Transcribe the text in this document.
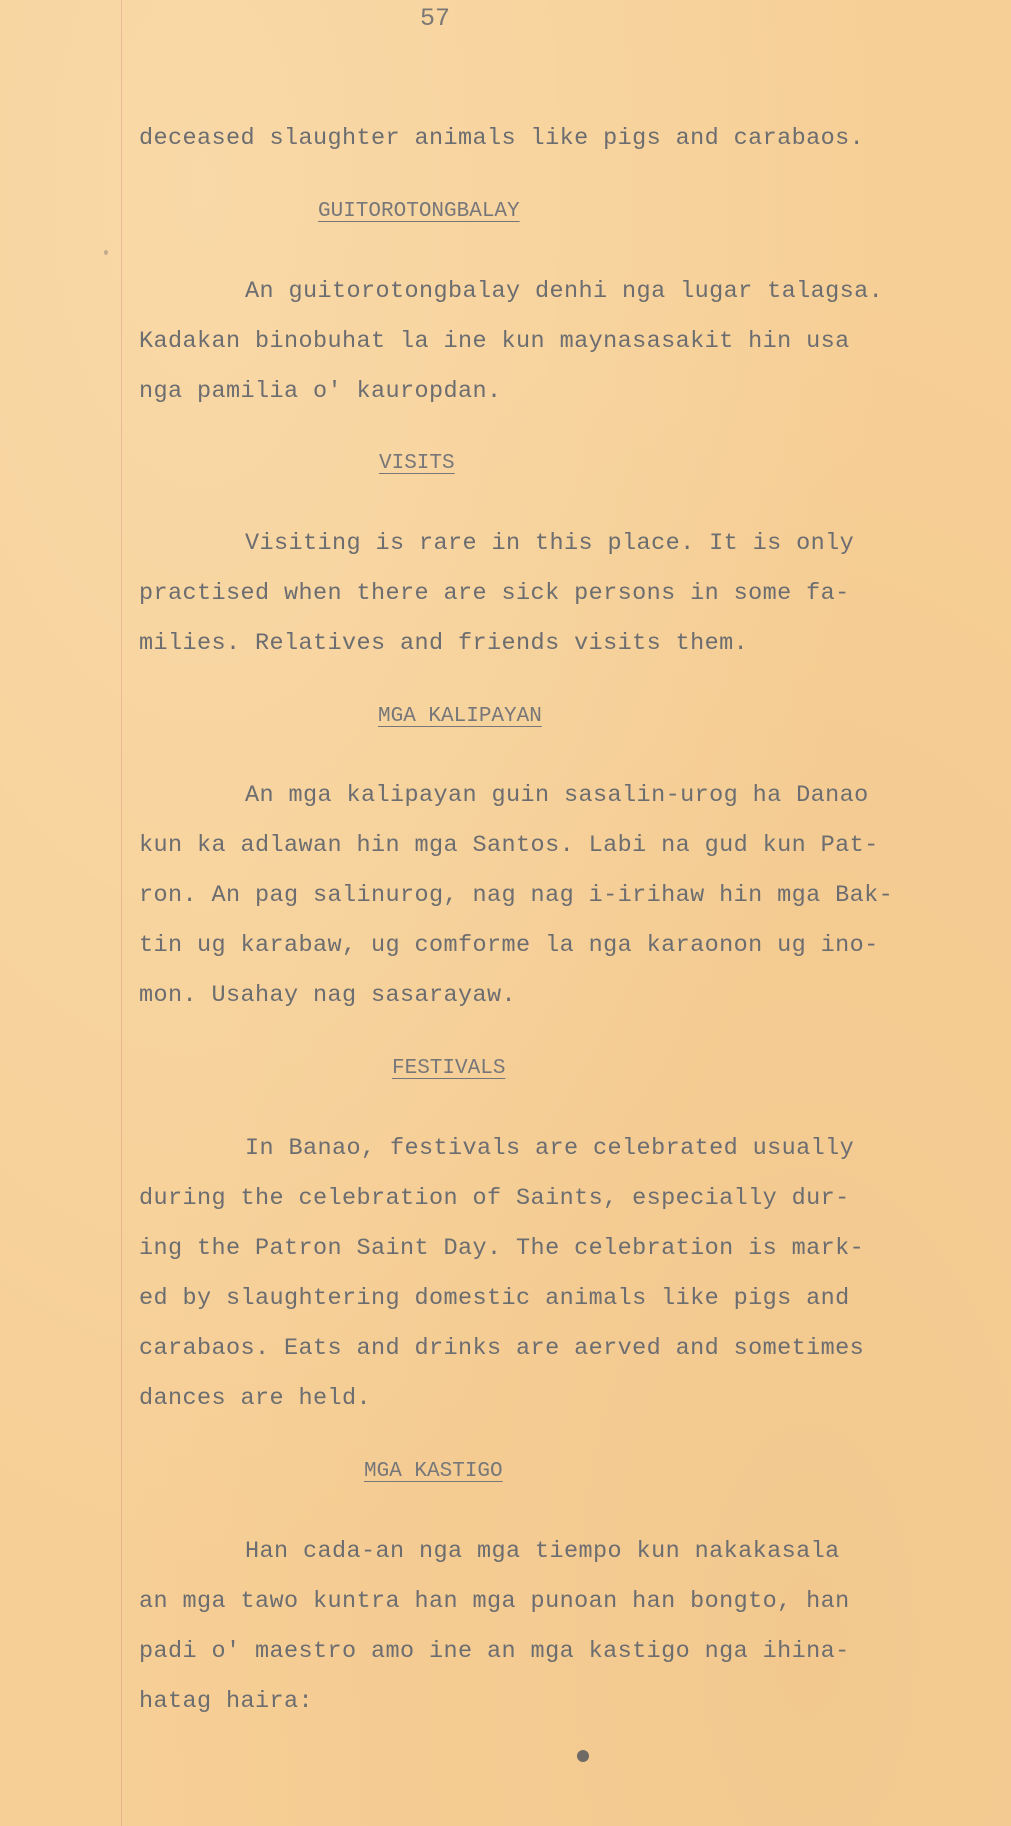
57
deceased slaughter animals like pigs and carabaos.
GUITOROTONGBALAY
An guitorotongbalay denhi nga lugar talagsa.
Kadakan binobuhat la ine kun maynasasakit hin usa
nga pamilia o' kauropdan.
VISITS
Visiting is rare in this place. It is only
practised when there are sick persons in some fa-
milies. Relatives and friends visits them.
MGA KALIPAYAN
An mga kalipayan guin sasalin-urog ha Danao
kun ka adlawan hin mga Santos. Labi na gud kun Pat-
ron. An pag salinurog, nag nag i-irihaw hin mga Bak-
tin ug karabaw, ug comforme la nga karaonon ug ino-
mon. Usahay nag sasarayaw.
FESTIVALS
In Banao, festivals are celebrated usually
during the celebration of Saints, especially dur-
ing the Patron Saint Day. The celebration is mark-
ed by slaughtering domestic animals like pigs and
carabaos. Eats and drinks are aerved and sometimes
dances are held.
MGA KASTIGO
Han cada-an nga mga tiempo kun nakakasala
an mga tawo kuntra han mga punoan han bongto, han
padi o' maestro amo ine an mga kastigo nga ihina-
hatag haira:
